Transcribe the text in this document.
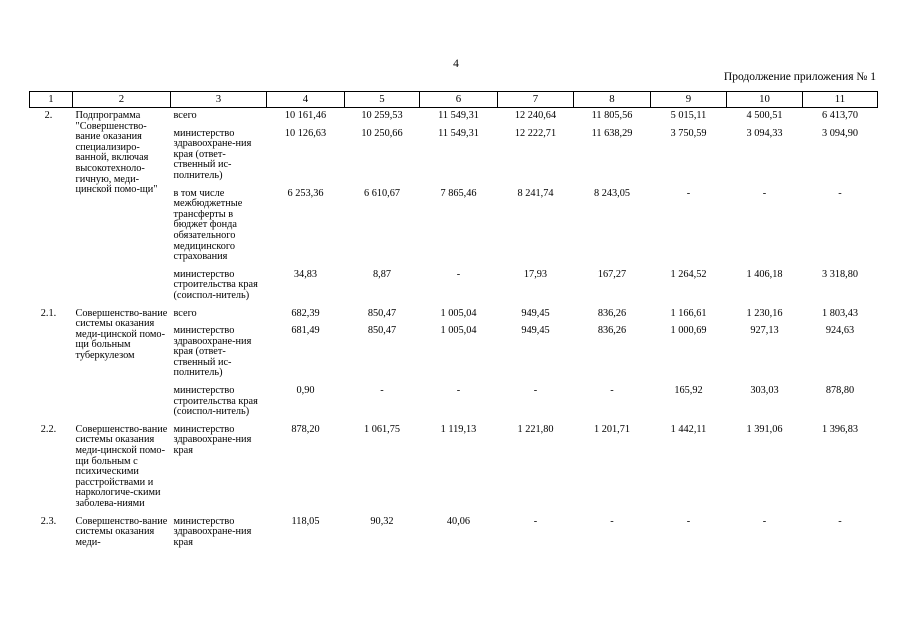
4
Продолжение приложения № 1
1	2	3	4	5	6	7	8	9	10	11
2.	Подпрограмма "Совершенство-вание оказания специализиро-ванной, включая высокотехноло-гичную, меди-цинской помо-щи"	всего	10 161,46	10 259,53	11 549,31	12 240,64	11 805,56	5 015,11	4 500,51	6 413,70
		министерство здравоохране-ния края (ответ-ственный ис-полнитель)	10 126,63	10 250,66	11 549,31	12 222,71	11 638,29	3 750,59	3 094,33	3 094,90
		в том числе межбюджетные трансферты в бюджет фонда обязательного медицинского страхования	6 253,36	6 610,67	7 865,46	8 241,74	8 243,05	-	-	-
		министерство строительства края (соиспол-нитель)	34,83	8,87	-	17,93	167,27	1 264,52	1 406,18	3 318,80
2.1.	Совершенство-вание системы оказания меди-цинской помо-щи больным туберкулезом	всего	682,39	850,47	1 005,04	949,45	836,26	1 166,61	1 230,16	1 803,43
		министерство здравоохране-ния края (ответ-ственный ис-полнитель)	681,49	850,47	1 005,04	949,45	836,26	1 000,69	927,13	924,63
		министерство строительства края (соиспол-нитель)	0,90	-	-	-	-	165,92	303,03	878,80
2.2.	Совершенство-вание системы оказания меди-цинской помо-щи больным с психическими расстройствами и наркологиче-скими заболева-ниями	министерство здравоохране-ния края	878,20	1 061,75	1 119,13	1 221,80	1 201,71	1 442,11	1 391,06	1 396,83
2.3.	Совершенство-вание системы оказания меди-	министерство здравоохране-ния края	118,05	90,32	40,06	-	-	-	-	-
